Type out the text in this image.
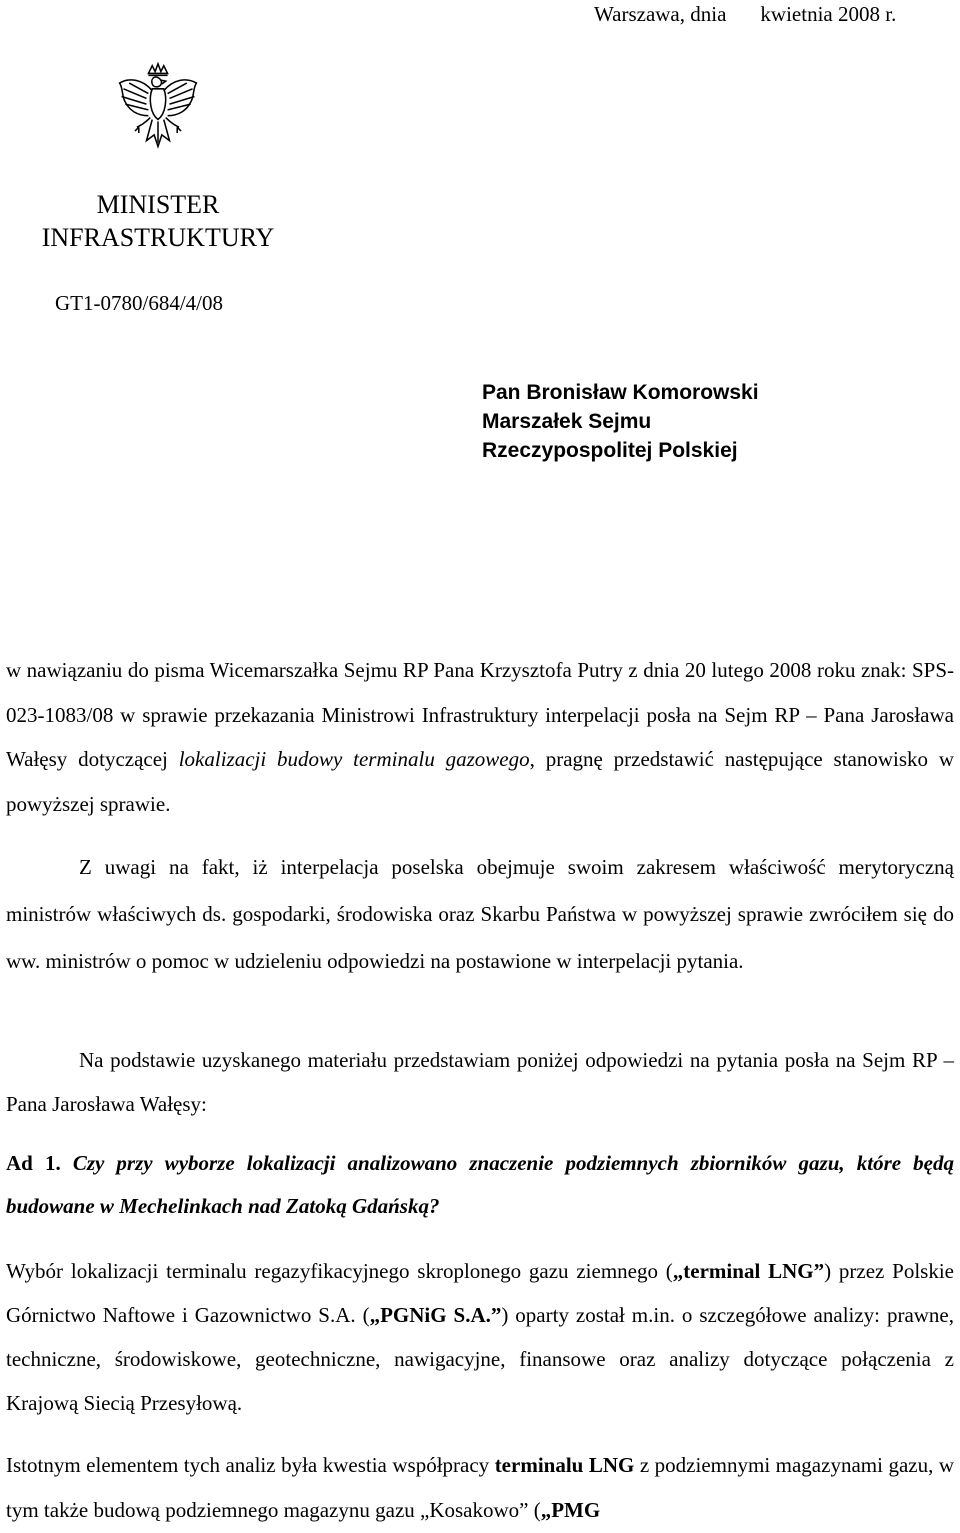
Warszawa, dnia kwietnia 2008 r.
MINISTER
INFRASTRUKTURY
GT1-0780/684/4/08
Pan Bronisław Komorowski
Marszałek Sejmu
Rzeczypospolitej Polskiej
w nawiązaniu do pisma Wicemarszałka Sejmu RP Pana Krzysztofa Putry z dnia 20 lutego 2008 roku znak: SPS-023-1083/08 w sprawie przekazania Ministrowi Infrastruktury interpelacji posła na Sejm RP – Pana Jarosława Wałęsy dotyczącej lokalizacji budowy terminalu gazowego, pragnę przedstawić następujące stanowisko w powyższej sprawie.
Z uwagi na fakt, iż interpelacja poselska obejmuje swoim zakresem właściwość merytoryczną ministrów właściwych ds. gospodarki, środowiska oraz Skarbu Państwa w powyższej sprawie zwróciłem się do ww. ministrów o pomoc w udzieleniu odpowiedzi na postawione w interpelacji pytania.
Na podstawie uzyskanego materiału przedstawiam poniżej odpowiedzi na pytania posła na Sejm RP – Pana Jarosława Wałęsy:
Ad 1. Czy przy wyborze lokalizacji analizowano znaczenie podziemnych zbiorników gazu, które będą budowane w Mechelinkach nad Zatoką Gdańską?
Wybór lokalizacji terminalu regazyfikacyjnego skroplonego gazu ziemnego („terminal LNG”) przez Polskie Górnictwo Naftowe i Gazownictwo S.A. („PGNiG S.A.”) oparty został m.in. o szczegółowe analizy: prawne, techniczne, środowiskowe, geotechniczne, nawigacyjne, finansowe oraz analizy dotyczące połączenia z Krajową Siecią Przesyłową.
Istotnym elementem tych analiz była kwestia współpracy terminalu LNG z podziemnymi magazynami gazu, w tym także budową podziemnego magazynu gazu „Kosakowo” („PMG
